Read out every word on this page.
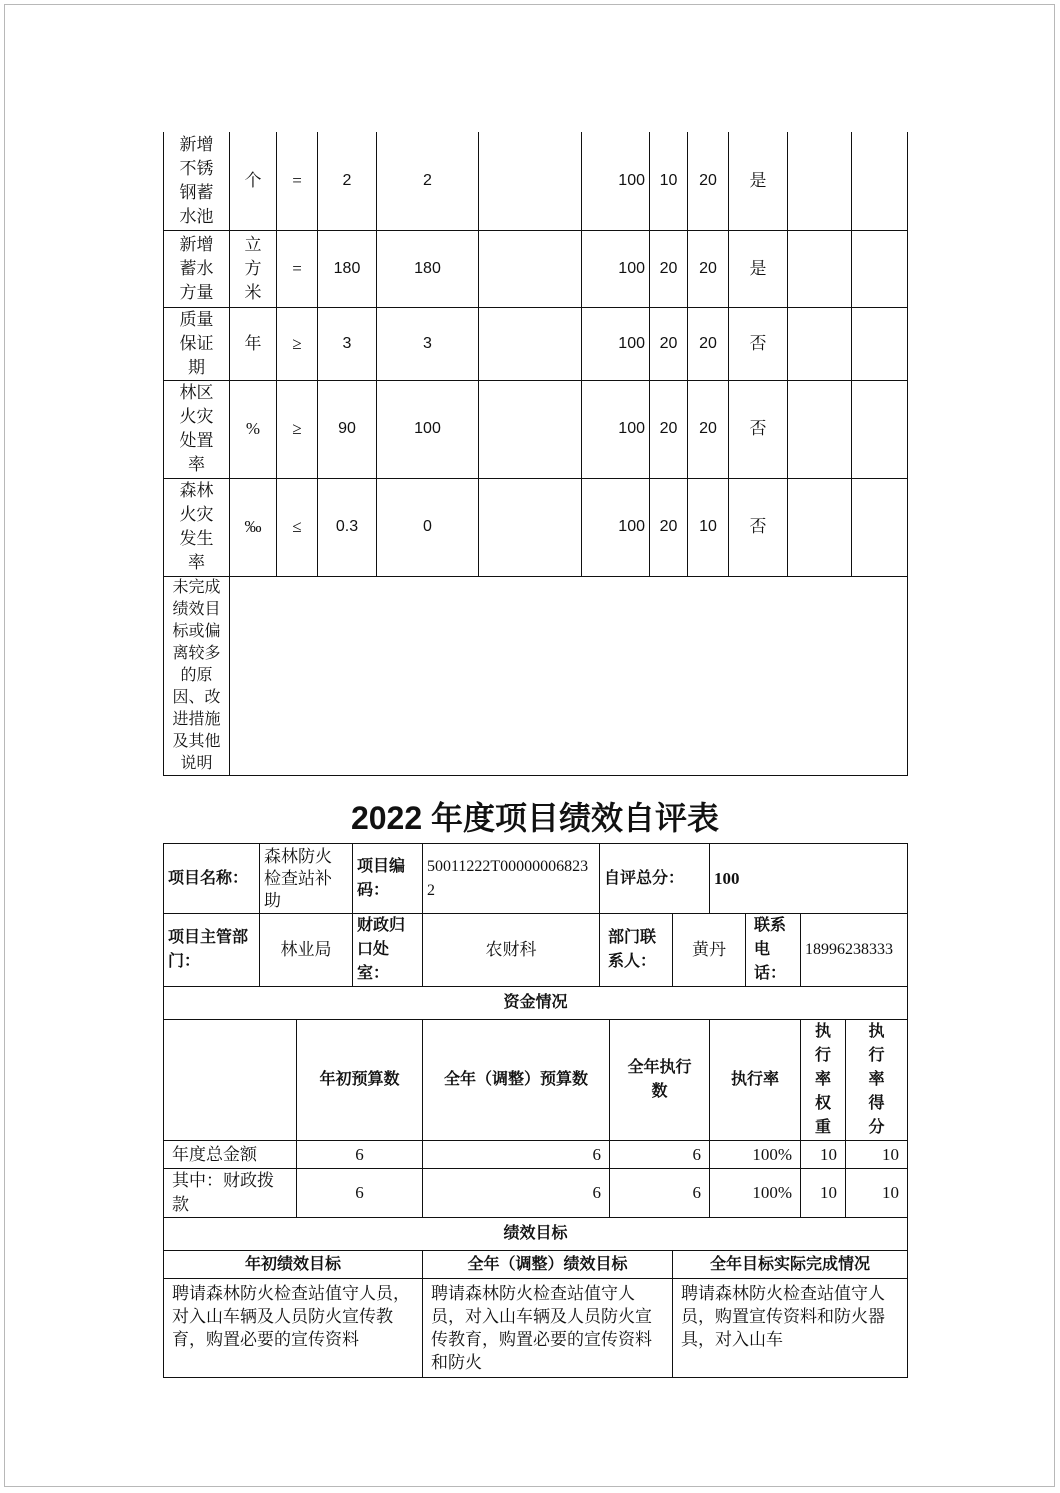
新增不锈钢蓄水池	个	=	2	2		100	10	20	是		
新增蓄水方量	立方米	=	180	180		100	20	20	是		
质量保证期	年	≥	3	3		100	20	20	否		
林区火灾处置率	%	≥	90	100		100	20	20	否		
森林火灾发生率	‰	≤	0.3	0		100	20	10	否		
未完成绩效目标或偏离较多的原因、改进措施及其他说明											
2022 年度项目绩效自评表
项目名称：	森林防火检查站补助		项目编码：	50011222T000000068232	自评总分：			100			
项目主管部门：	林业局		财政归口处室：	农财科	部门联系人：		黄丹		联系电话：	18996238333	
资金情况											
		年初预算数		全年（调整）预算数		全年执行数		执行率		执行率权重	执行率得分
年度总金额		6		6		6		100%		10	10
其中：财政拨款		6		6		6		100%		10	10
绩效目标											
年初绩效目标				全年（调整）绩效目标			全年目标实际完成情况				
聘请森林防火检查站值守人员，对入山车辆及人员防火宣传教育，购置必要的宣传资料				聘请森林防火检查站值守人员，对入山车辆及人员防火宣传教育，购置必要的宣传资料和防火			聘请森林防火检查站值守人员，购置宣传资料和防火器具，对入山车				
